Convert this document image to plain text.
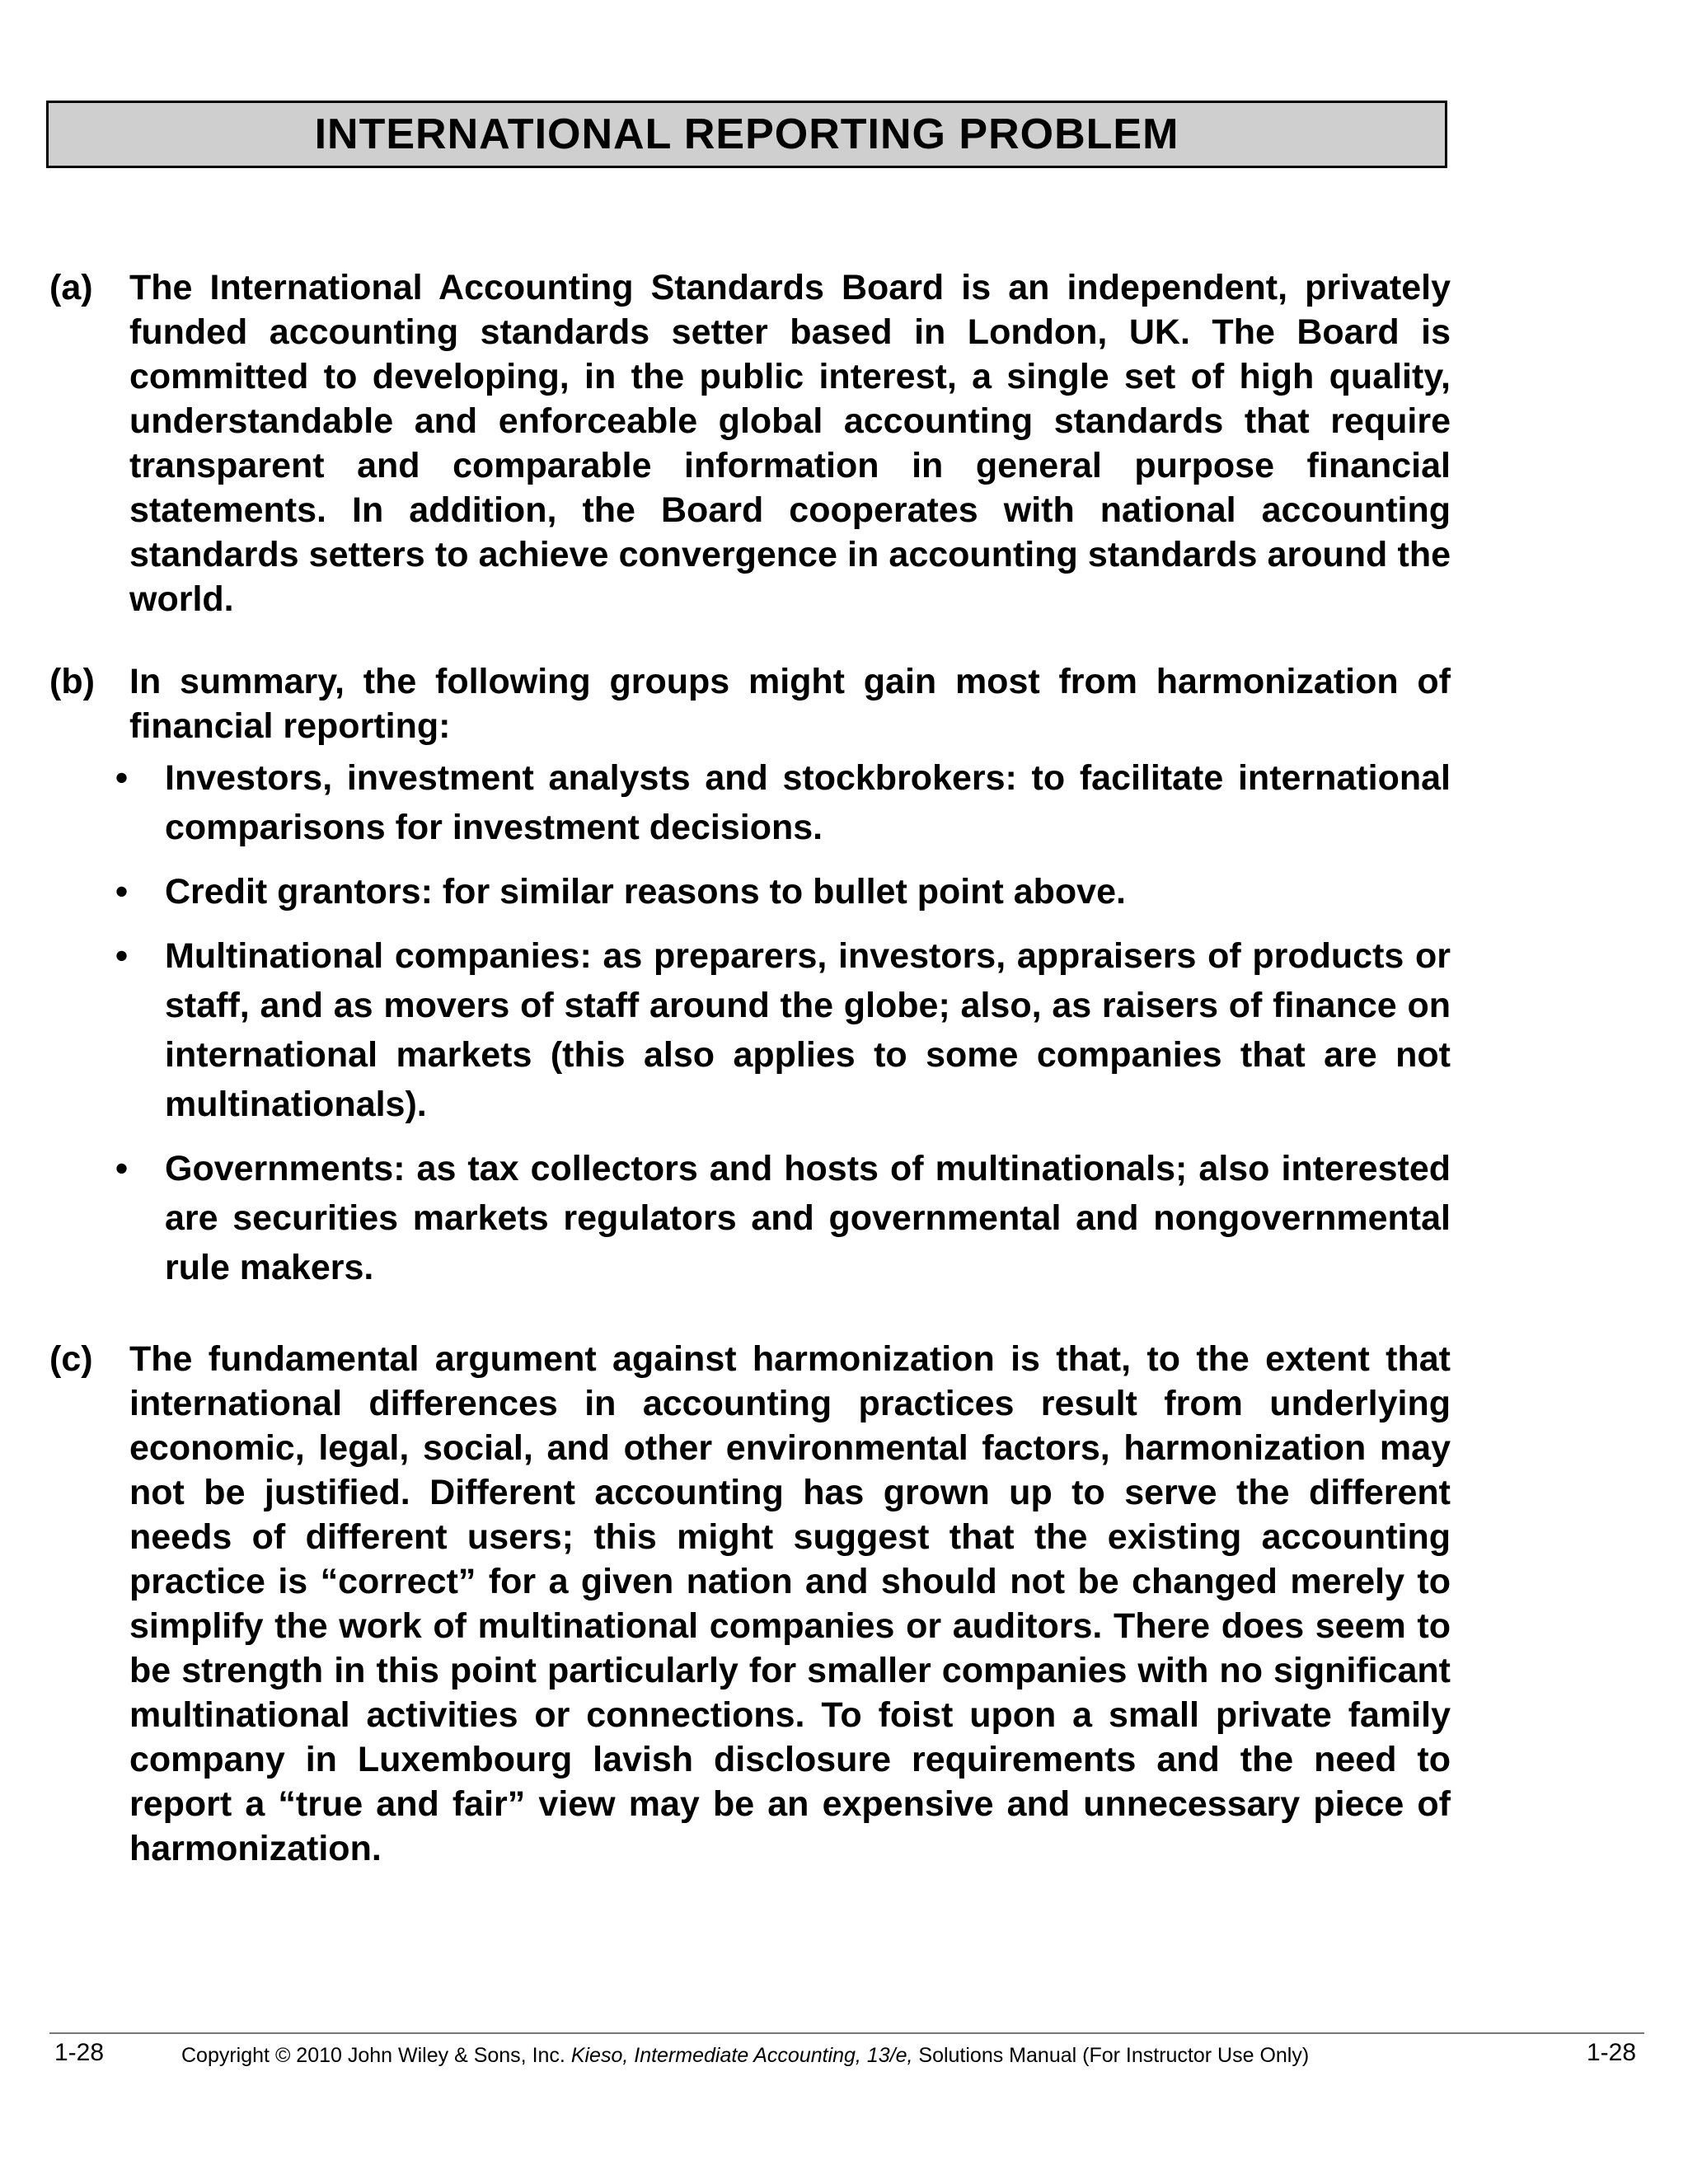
INTERNATIONAL REPORTING PROBLEM
(a) The International Accounting Standards Board is an independent, privately funded accounting standards setter based in London, UK. The Board is committed to developing, in the public interest, a single set of high quality, understandable and enforceable global accounting standards that require transparent and comparable information in general purpose financial statements. In addition, the Board cooperates with national accounting standards setters to achieve convergence in accounting standards around the world.
(b) In summary, the following groups might gain most from harmonization of financial reporting:
• Investors, investment analysts and stockbrokers: to facilitate international comparisons for investment decisions.
• Credit grantors: for similar reasons to bullet point above.
• Multinational companies: as preparers, investors, appraisers of products or staff, and as movers of staff around the globe; also, as raisers of finance on international markets (this also applies to some companies that are not multinationals).
• Governments: as tax collectors and hosts of multinationals; also interested are securities markets regulators and governmental and nongovernmental rule makers.
(c) The fundamental argument against harmonization is that, to the extent that international differences in accounting practices result from underlying economic, legal, social, and other environmental factors, harmonization may not be justified. Different accounting has grown up to serve the different needs of different users; this might suggest that the existing accounting practice is “correct” for a given nation and should not be changed merely to simplify the work of multinational companies or auditors. There does seem to be strength in this point particularly for smaller companies with no significant multinational activities or connections. To foist upon a small private family company in Luxembourg lavish disclosure requirements and the need to report a “true and fair” view may be an expensive and unnecessary piece of harmonization.
1-28	Copyright © 2010 John Wiley & Sons, Inc. Kieso, Intermediate Accounting, 13/e, Solutions Manual (For Instructor Use Only)	1-28
